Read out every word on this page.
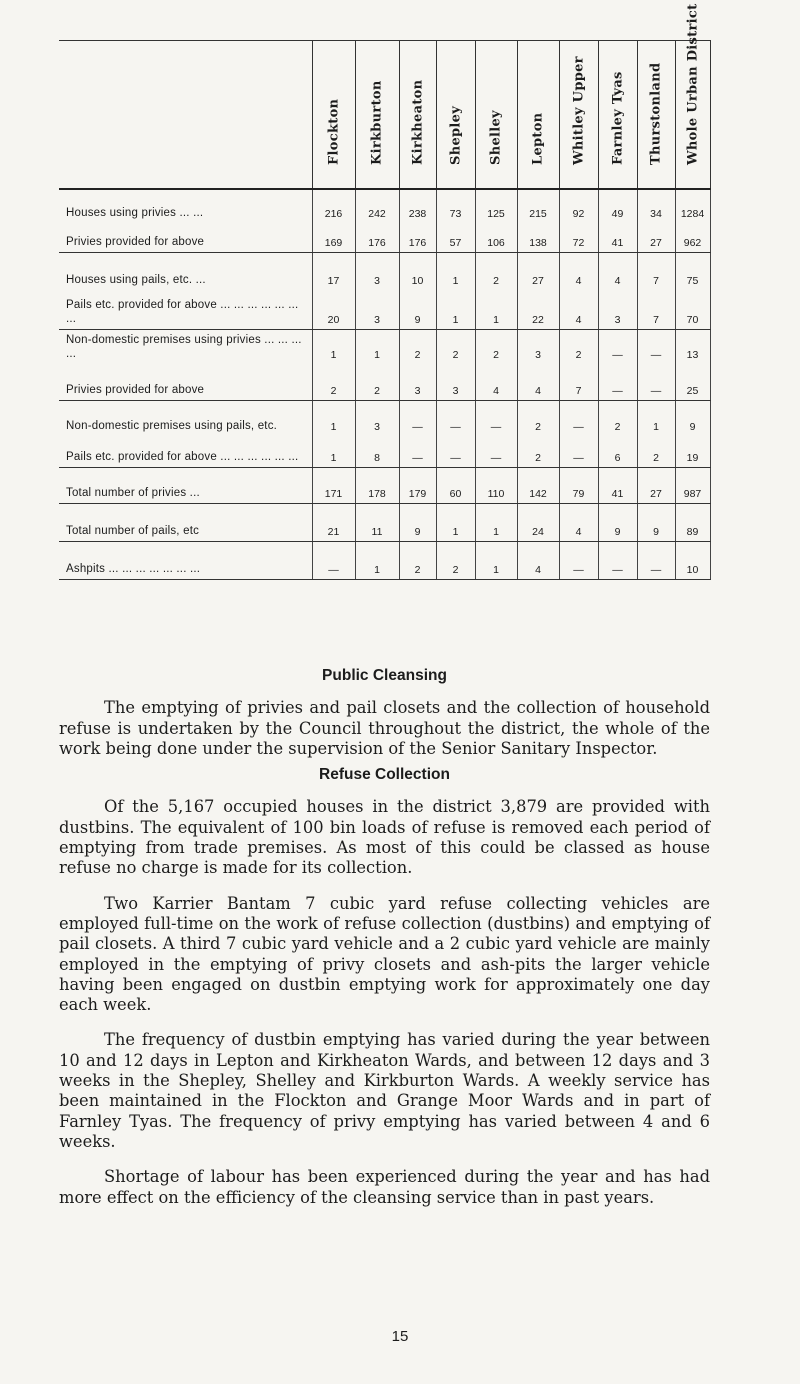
	Flockton	Kirkburton	Kirkheaton	Shepley	Shelley	Lepton	Whitley Upper	Farnley Tyas	Thurstonland	Whole Urban District

Houses using privies ... ...	216	242	238	73	125	215	92	49	34	1284
Privies provided for above	169	176	176	57	106	138	72	41	27	962
Houses using pails, etc. ...	17	3	10	1	2	27	4	4	7	75
Pails etc. provided for above ... ... ... ... ... ... ...	20	3	9	1	1	22	4	3	7	70
Non-domestic premises using privies ... ... ... ...	1	1	2	2	2	3	2	—	—	13
Privies provided for above	2	2	3	3	4	4	7	—	—	25
Non-domestic premises using pails, etc.	1	3	—	—	—	2	—	2	1	9
Pails etc. provided for above ... ... ... ... ... ...	1	8	—	—	—	2	—	6	2	19
Total number of privies ...	171	178	179	60	110	142	79	41	27	987
Total number of pails, etc	21	11	9	1	1	24	4	9	9	89
Ashpits ... ... ... ... ... ... ...	—	1	2	2	1	4	—	—	—	10
Public Cleansing

The emptying of privies and pail closets and the collection of household refuse is undertaken by the Council throughout the district, the whole of the work being done under the supervision of the Senior Sanitary Inspector.

Refuse Collection

Of the 5,167 occupied houses in the district 3,879 are provided with dustbins. The equivalent of 100 bin loads of refuse is removed each period of emptying from trade premises. As most of this could be classed as house refuse no charge is made for its collection.

Two Karrier Bantam 7 cubic yard refuse collecting vehicles are employed full-time on the work of refuse collection (dustbins) and emptying of pail closets. A third 7 cubic yard vehicle and a 2 cubic yard vehicle are mainly employed in the emptying of privy closets and ash-pits the larger vehicle having been engaged on dustbin emptying work for approximately one day each week.

The frequency of dustbin emptying has varied during the year between 10 and 12 days in Lepton and Kirkheaton Wards, and between 12 days and 3 weeks in the Shepley, Shelley and Kirkburton Wards. A weekly service has been maintained in the Flockton and Grange Moor Wards and in part of Farnley Tyas. The frequency of privy emptying has varied between 4 and 6 weeks.

Shortage of labour has been experienced during the year and has had more effect on the efficiency of the cleansing service than in past years.

15
